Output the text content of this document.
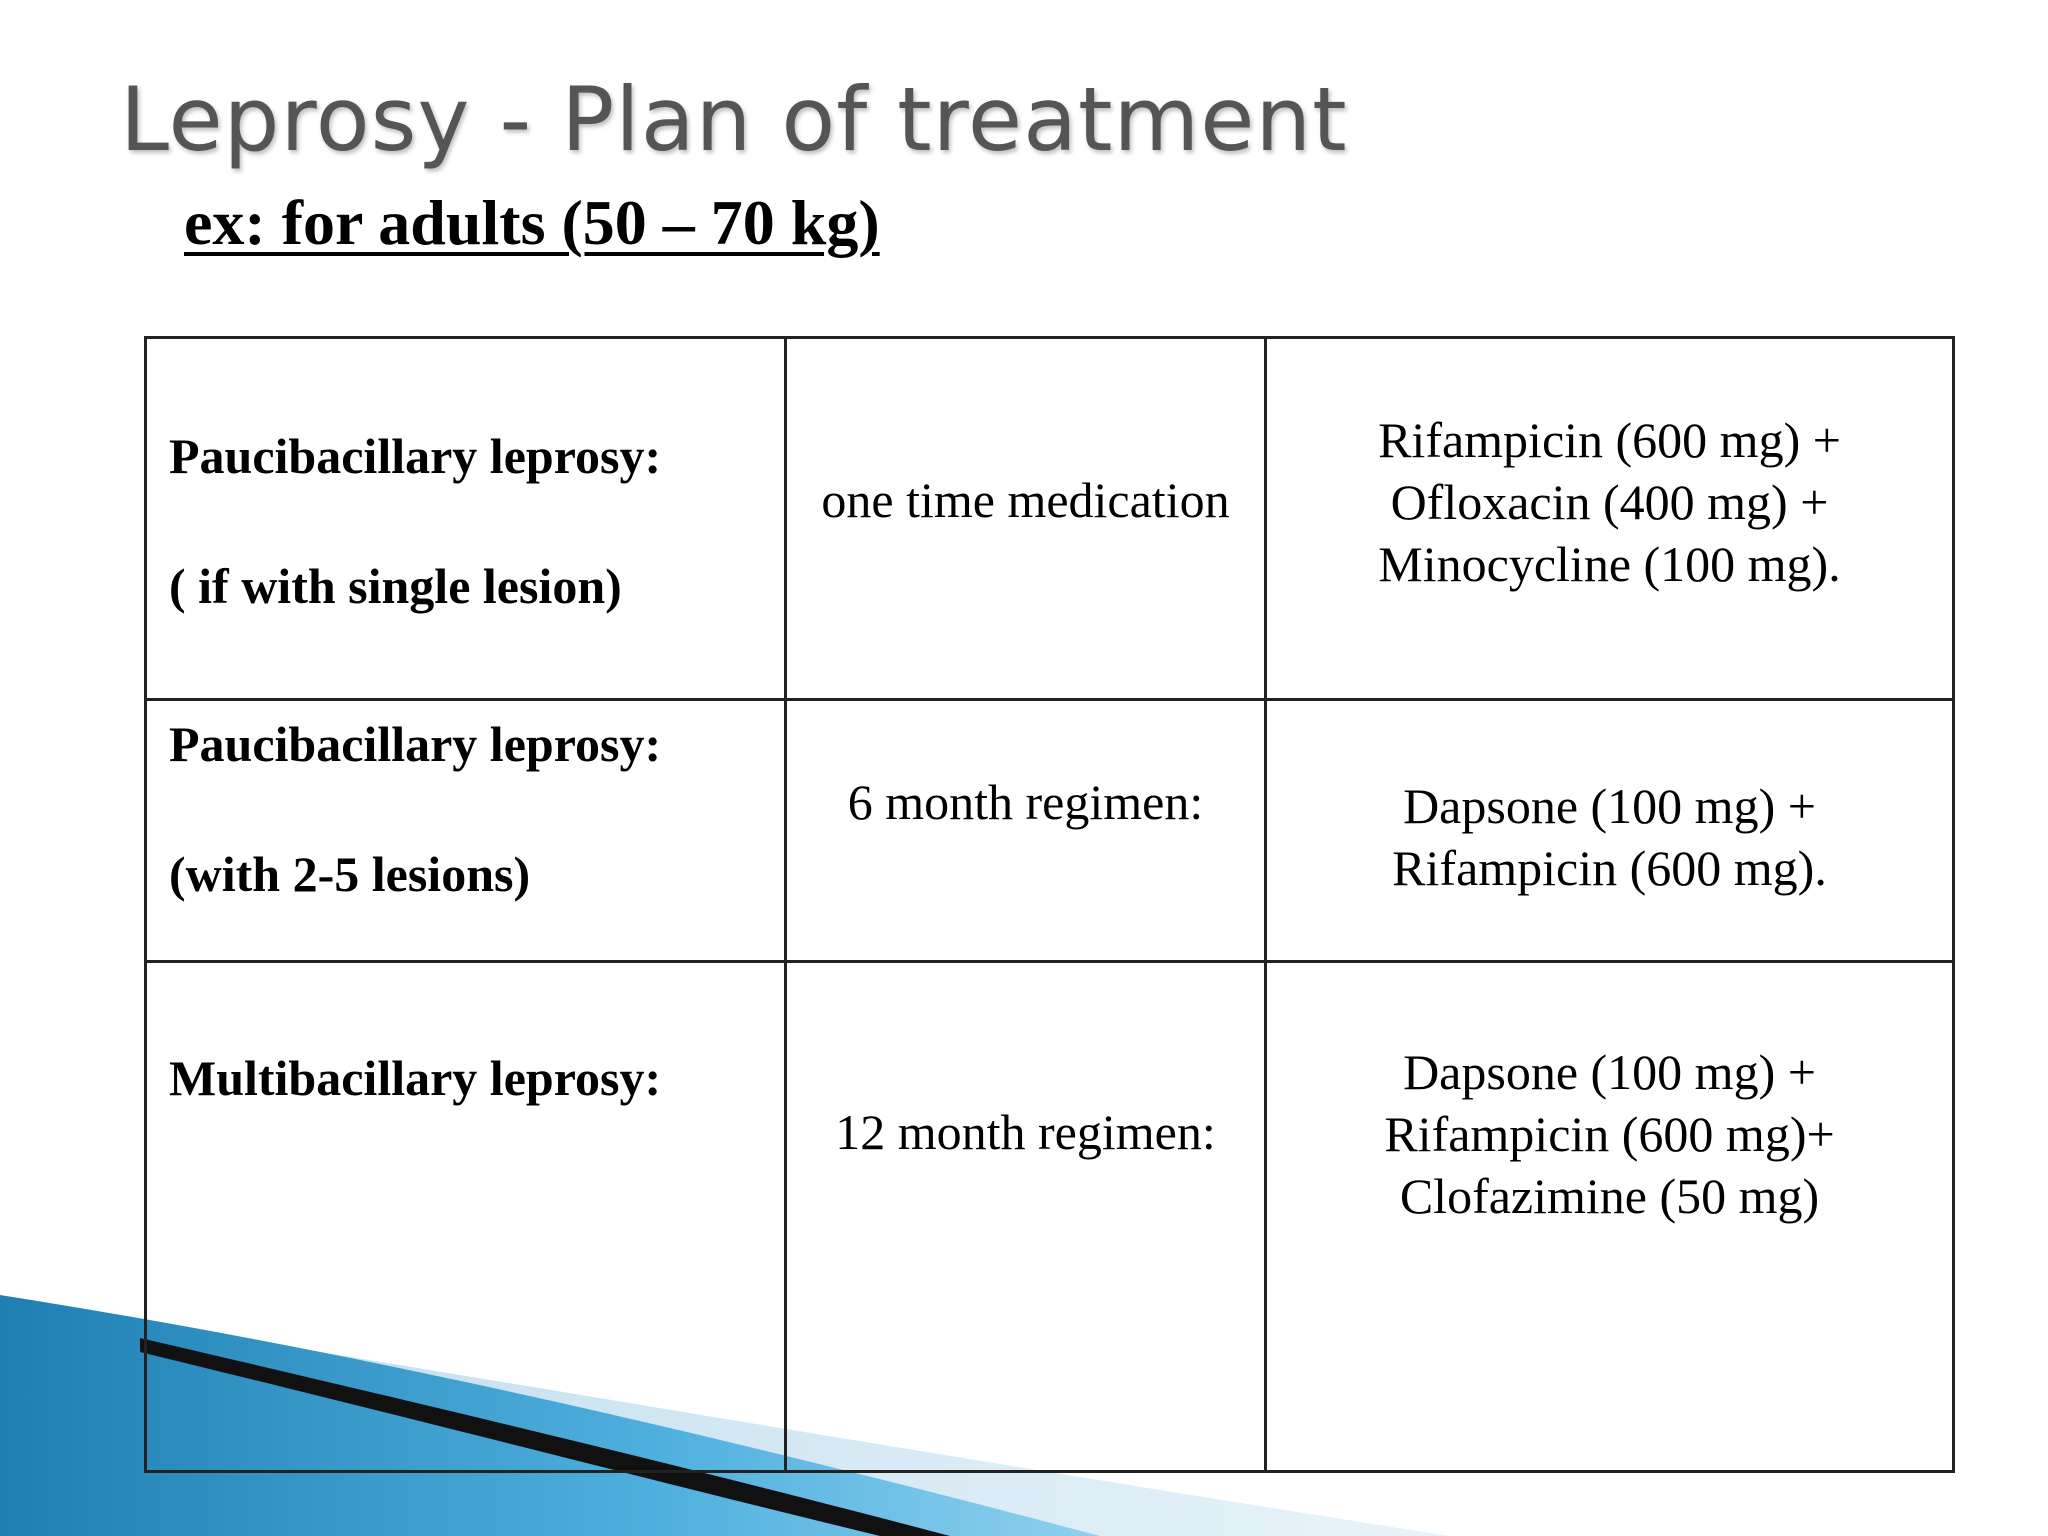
Leprosy - Plan of treatment
ex: for adults (50 – 70 kg)
Paucibacillary leprosy:
( if with single lesion)	one time medication	Rifampicin (600 mg) +
Ofloxacin (400 mg) +
Minocycline (100 mg).

Paucibacillary leprosy:
(with 2-5 lesions)	6 month regimen:	Dapsone (100 mg) +
Rifampicin (600 mg).

Multibacillary leprosy:	12 month regimen:	Dapsone (100 mg) +
Rifampicin (600 mg)+
Clofazimine (50 mg)
